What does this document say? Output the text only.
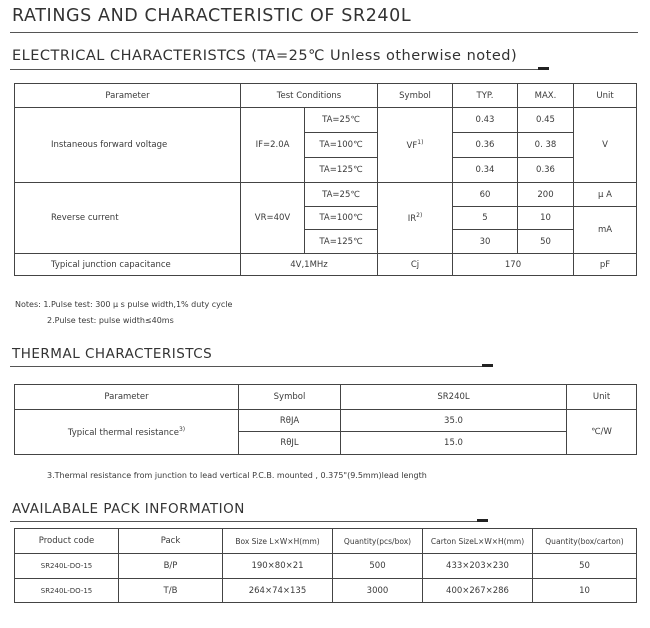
RATINGS AND CHARACTERISTIC OF SR240L
ELECTRICAL CHARACTERISTCS (TA=25℃ Unless otherwise noted)
Parameter	Test Conditions		Symbol	TYP.	MAX.	Unit
Instaneous forward voltage	IF=2.0A	TA=25℃	VF$^{1)}$	0.43	0.45	V
		TA=100℃		0.36	0. 38	
		TA=125℃		0.34	0.36	
Reverse current	VR=40V	TA=25℃	IR$^{2)}$	60	200	μ A
		TA=100℃		5	10	mA
		TA=125℃		30	50	
Typical junction capacitance	4V,1MHz		Cj	170		pF
Notes: 1.Pulse test: 300 μ s pulse width,1% duty cycle
2.Pulse test: pulse width≤40ms
THERMAL CHARACTERISTCS
Parameter	Symbol	SR240L	Unit
Typical thermal resistance$^{3)}$	RθJA	35.0	℃/W
	RθJL	15.0	
3.Thermal resistance from junction to lead vertical P.C.B. mounted , 0.375"(9.5mm)lead length
AVAILABALE PACK INFORMATION
Product code	Pack	Box Size L×W×H(mm)	Quantity(pcs/box)	Carton SizeL×W×H(mm)	Quantity(box/carton)
SR240L-DO-15	B/P	190×80×21	500	433×203×230	50
SR240L-DO-15	T/B	264×74×135	3000	400×267×286	10
